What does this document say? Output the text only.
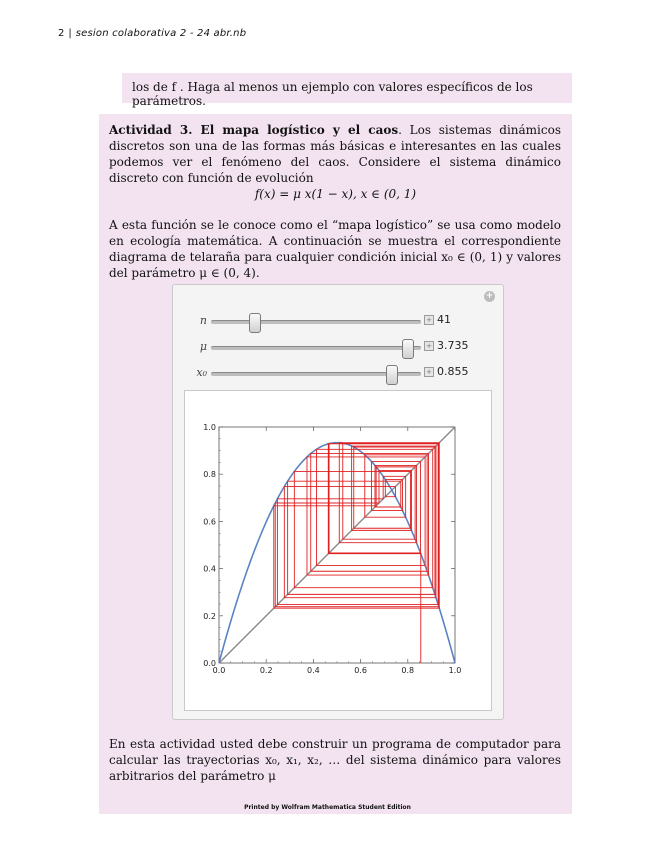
2 | sesion colaborativa 2 - 24 abr.nb

los de f . Haga al menos un ejemplo con valores específicos de los parámetros.

Actividad 3. El mapa logístico y el caos. Los sistemas dinámicos discretos son una de las formas más básicas e interesantes en las cuales podemos ver el fenómeno del caos. Considere el sistema dinámico discreto con función de evolución
f(x) = μ x(1 − x), x ∈ (0, 1)
A esta función se le conoce como el “mapa logístico” se usa como modelo en ecología matemática. A continuación se muestra el correspondiente diagrama de telaraña para cualquier condición inicial x₀ ∈ (0, 1) y valores del parámetro μ ∈ (0, 4).
+
n	+ 41
μ	+ 3.735
x₀	+ 0.855
0.0	0.2	0.4	0.6	0.8	1.0
0.0
0.2
0.4
0.6
0.8
1.0
En esta actividad usted debe construir un programa de computador para calcular las trayectorias x₀, x₁, x₂, … del sistema dinámico para valores arbitrarios del parámetro μ
Printed by Wolfram Mathematica Student Edition
